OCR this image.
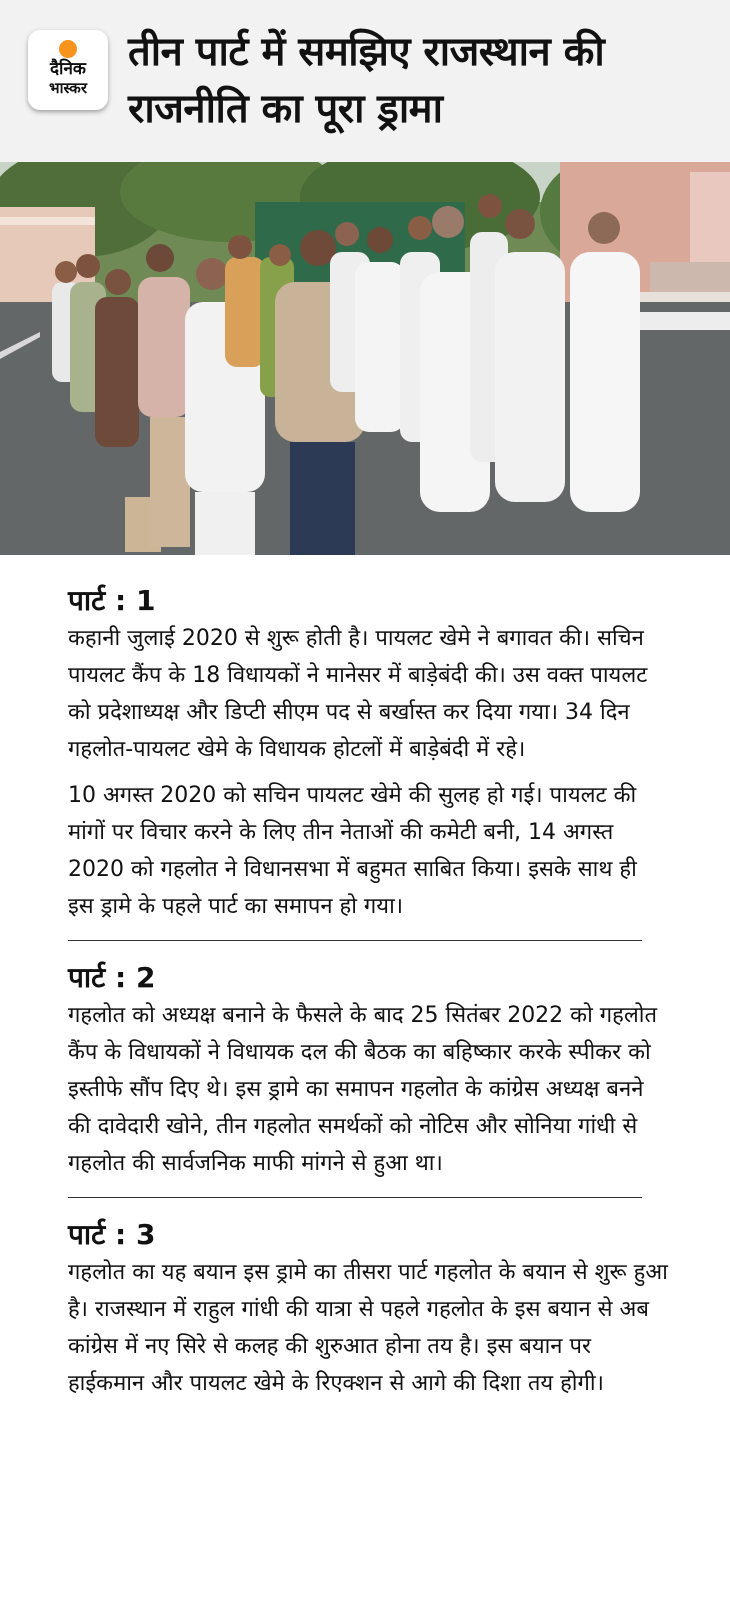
दैनिक
भास्कर
तीन पार्ट में समझिए राजस्थान की राजनीति का पूरा ड्रामा
पार्ट : 1

कहानी जुलाई 2020 से शुरू होती है। पायलट खेमे ने बगावत की। सचिन पायलट कैंप के 18 विधायकों ने मानेसर में बाड़ेबंदी की। उस वक्त पायलट को प्रदेशाध्यक्ष और डिप्टी सीएम पद से बर्खास्त कर दिया गया। 34 दिन गहलोत-पायलट खेमे के विधायक होटलों में बाड़ेबंदी में रहे।

10 अगस्त 2020 को सचिन पायलट खेमे की सुलह हो गई। पायलट की मांगों पर विचार करने के लिए तीन नेताओं की कमेटी बनी, 14 अगस्त 2020 को गहलोत ने विधानसभा में बहुमत साबित किया। इसके साथ ही इस ड्रामे के पहले पार्ट का समापन हो गया।

पार्ट : 2

गहलोत को अध्यक्ष बनाने के फैसले के बाद 25 सितंबर 2022 को गहलोत कैंप के विधायकों ने विधायक दल की बैठक का बहिष्कार करके स्पीकर को इस्तीफे सौंप दिए थे। इस ड्रामे का समापन गहलोत के कांग्रेस अध्यक्ष बनने की दावेदारी खोने, तीन गहलोत समर्थकों को नोटिस और सोनिया गांधी से गहलोत की सार्वजनिक माफी मांगने से हुआ था।

पार्ट : 3

गहलोत का यह बयान इस ड्रामे का तीसरा पार्ट गहलोत के बयान से शुरू हुआ है। राजस्थान में राहुल गांधी की यात्रा से पहले गहलोत के इस बयान से अब कांग्रेस में नए सिरे से कलह की शुरुआत होना तय है। इस बयान पर हाईकमान और पायलट खेमे के रिएक्शन से आगे की दिशा तय होगी।
